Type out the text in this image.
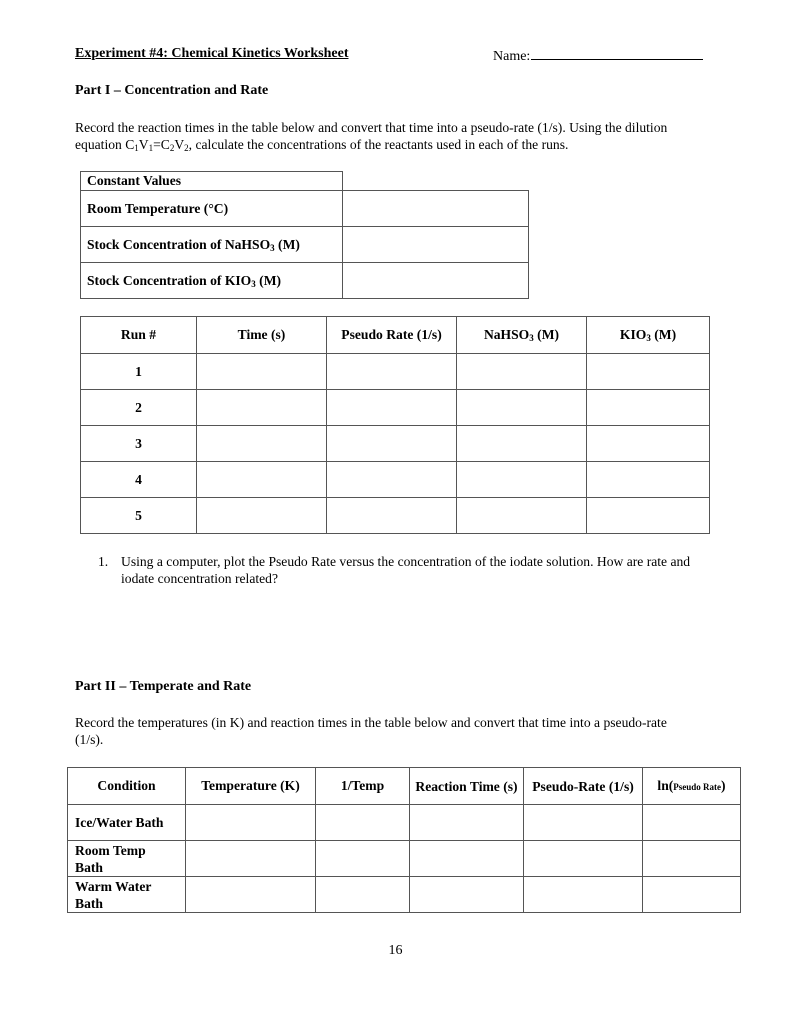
Experiment #4: Chemical Kinetics Worksheet	Name:
Part I – Concentration and Rate
Record the reaction times in the table below and convert that time into a pseudo-rate (1/s). Using the dilution equation $C_1V_1=C_2V_2$, calculate the concentrations of the reactants used in each of the runs.
Constant Values	
Room Temperature (°C)	
Stock Concentration of NaHSO$_3$ (M)	
Stock Concentration of $KIO_3$ (M)	
Run #	Time (s)	Pseudo Rate (1/s)	NaHSO$_3$ (M)	$KIO_3$ (M)
1				
2				
3				
4				
5				
1. Using a computer, plot the Pseudo Rate versus the concentration of the iodate solution. How are rate and iodate concentration related?
Part II – Temperate and Rate
Record the temperatures (in K) and reaction times in the table below and convert that time into a pseudo-rate (1/s).
Condition	Temperature (K)	1/Temp	Reaction Time (s)	Pseudo-Rate (1/s)	ln(Pseudo Rate)
Ice/Water Bath					
Room Temp Bath					
Warm Water Bath					
16
